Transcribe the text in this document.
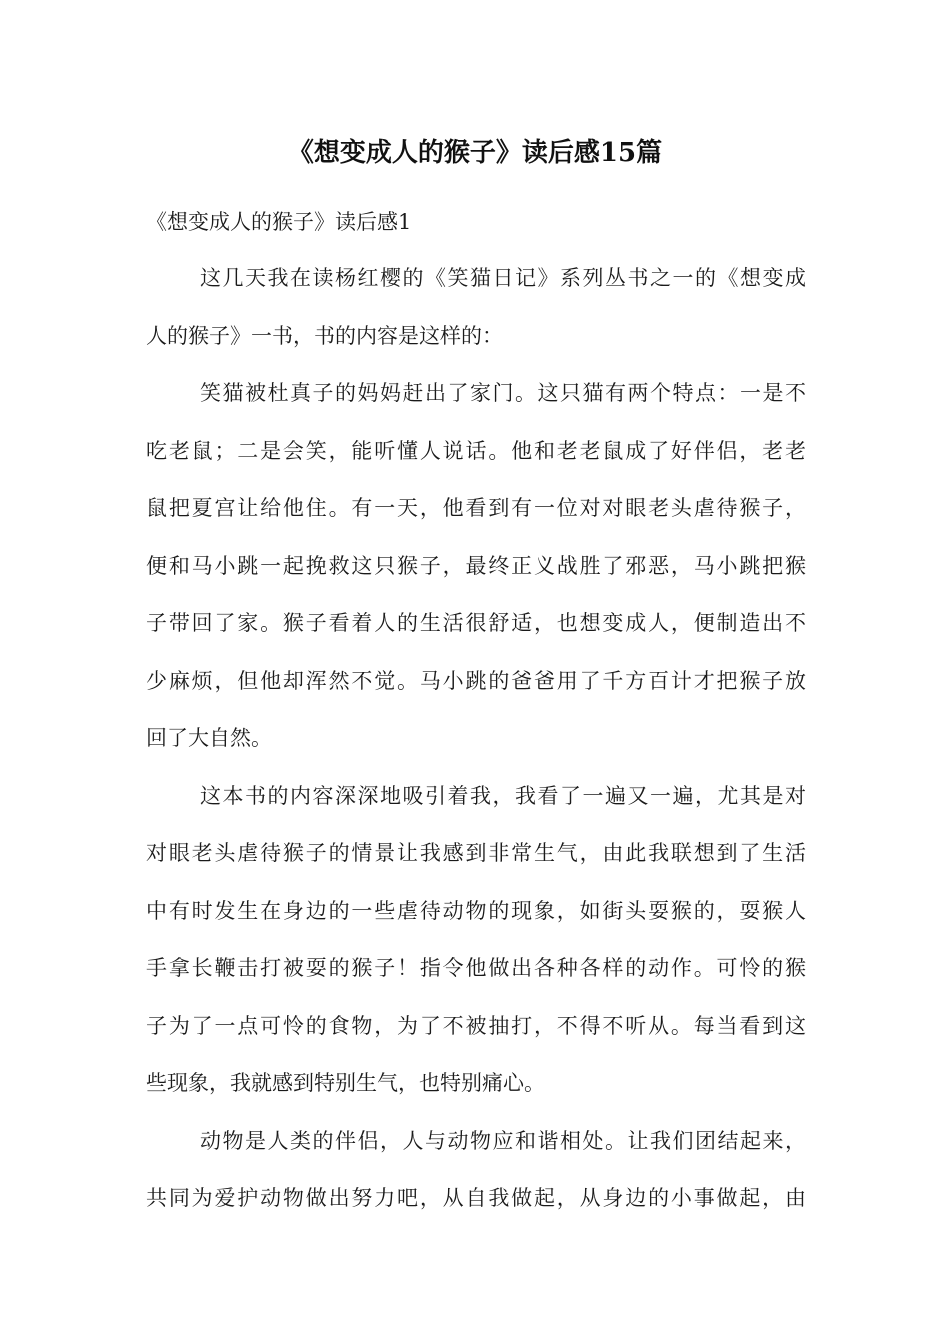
《想变成人的猴子》读后感15篇
《想变成人的猴子》读后感1
这几天我在读杨红樱的《笑猫日记》系列丛书之一的《想变成
人的猴子》一书，书的内容是这样的：
笑猫被杜真子的妈妈赶出了家门。这只猫有两个特点：一是不
吃老鼠；二是会笑，能听懂人说话。他和老老鼠成了好伴侣，老老
鼠把夏宫让给他住。有一天，他看到有一位对对眼老头虐待猴子，
便和马小跳一起挽救这只猴子，最终正义战胜了邪恶，马小跳把猴
子带回了家。猴子看着人的生活很舒适，也想变成人，便制造出不
少麻烦，但他却浑然不觉。马小跳的爸爸用了千方百计才把猴子放
回了大自然。
这本书的内容深深地吸引着我，我看了一遍又一遍，尤其是对
对眼老头虐待猴子的情景让我感到非常生气，由此我联想到了生活
中有时发生在身边的一些虐待动物的现象，如街头耍猴的，耍猴人
手拿长鞭击打被耍的猴子！指令他做出各种各样的动作。可怜的猴
子为了一点可怜的食物，为了不被抽打，不得不听从。每当看到这
些现象，我就感到特别生气，也特别痛心。
动物是人类的伴侣，人与动物应和谐相处。让我们团结起来，
共同为爱护动物做出努力吧，从自我做起，从身边的小事做起，由
